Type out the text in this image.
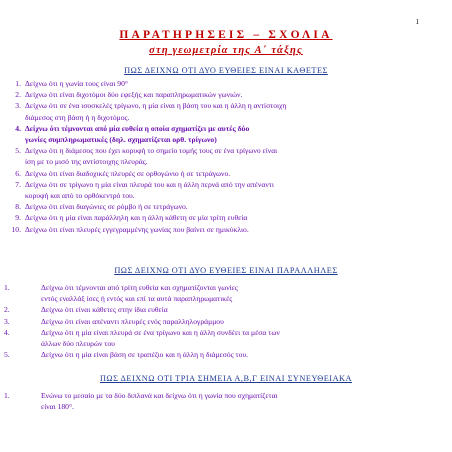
1
ΠΑΡΑΤΗΡΗΣΕΙΣ – ΣΧΟΛΙΑ
στη γεωμετρία της Α΄ τάξης
ΠΩΣ ΔΕΙΧΝΩ ΟΤΙ ΔΥΟ ΕΥΘΕΙΕΣ ΕΙΝΑΙ ΚΑΘΕΤΕΣ
1. Δείχνω ότι η γωνία τους είναι 90°
2. Δείχνω ότι είναι διχοτόμοι δύο εφεξής και παραπληρωματικών γωνιών.
3. Δείχνω ότι σε ένα ισοσκελές τρίγωνο, η μία είναι η βάση του και η άλλη η αντίστοιχη
διάμεσος στη βάση ή η διχοτόμος.
4. Δείχνω ότι τέμνονται από μία ευθεία η οποία σχηματίζει με αυτές δύο
γωνίες συμπληρωματικές (δηλ. σχηματίζεται ορθ. τρίγωνο)
5. Δείχνω ότι η διάμεσος που έχει κορυφή το σημείο τομής τους σε ένα τρίγωνο είναι
ίση με το μισό της αντίστοιχης πλευράς.
6. Δείχνω ότι είναι διαδοχικές πλευρές σε ορθογώνιο ή σε τετράγωνο.
7. Δείχνω ότι σε τρίγωνο η μία είναι πλευρά του και η άλλη περνά από την απέναντι
κορυφή και από το ορθόκεντρό του.
8. Δείχνω ότι είναι διαγώνιες σε ρόμβο ή σε τετράγωνο.
9. Δείχνω ότι η μία είναι παράλληλη και η άλλη κάθετη σε μία τρίτη ευθεία
10. Δείχνω ότι είναι πλευρές εγγεγραμμένης γωνίας που βαίνει σε ημικύκλιο.
ΠΩΣ ΔΕΙΧΝΩ ΟΤΙ ΔΥΟ ΕΥΘΕΙΕΣ ΕΙΝΑΙ ΠΑΡΑΛΛΗΛΕΣ
1.	Δείχνω ότι τέμνονται από τρίτη ευθεία και σχηματίζονται γωνίες
εντός εναλλάξ ίσες ή εντός και επί τα αυτά παραπληρωματικές
2.	Δείχνω ότι είναι κάθετες στην ίδια ευθεία
3.	Δείχνω ότι είναι απέναντι πλευρές ενός παραλληλογράμμου
4.	Δείχνω ότι η μία είναι πλευρά σε ένα τρίγωνο και η άλλη συνδέει τα μέσα των
άλλων δύο πλευρών του
5.	Δείχνω ότι η μία είναι βάση σε τραπέζιο και η άλλη η διάμεσός του.
ΠΩΣ ΔΕΙΧΝΩ ΟΤΙ ΤΡΙΑ ΣΗΜΕΙΑ Α,Β,Γ ΕΙΝΑΙ ΣΥΝΕΥΘΕΙΑΚΑ
1.	Ενώνω το μεσαίο με τα δύο διπλανά και δείχνω ότι η γωνία που σχηματίζεται
είναι 180°.
